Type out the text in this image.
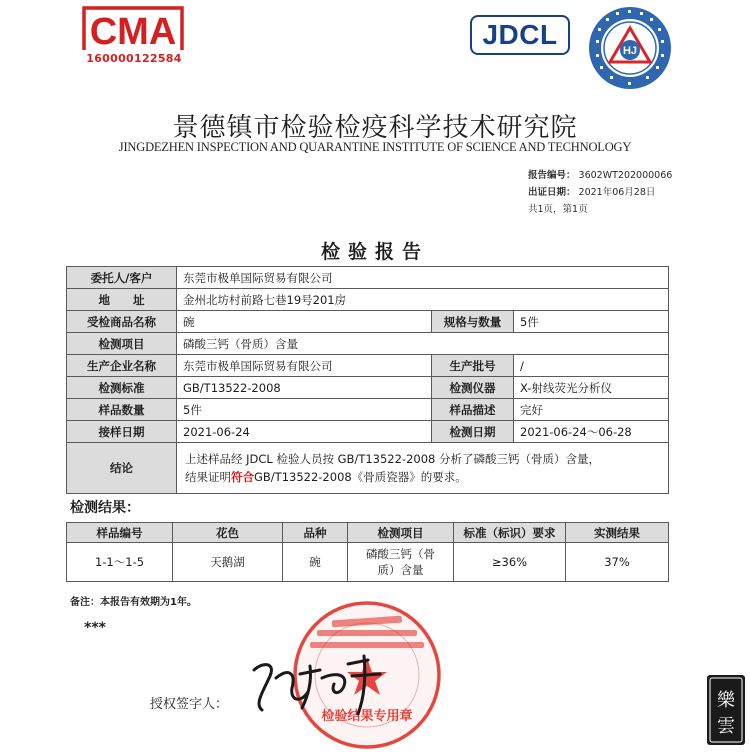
CMA
160000122584
JDCL
HJ
景德镇市检验检疫科学技术研究院
JINGDEZHEN INSPECTION AND QUARANTINE INSTITUTE OF SCIENCE AND TECHNOLOGY
报告编号： 3602WT202000066
出证日期： 2021年06月28日
共1页，第1页
检验报告
委托人/客户	东莞市极单国际贸易有限公司		
地　　址	金州北坊村前路七巷19号201房		
受检商品名称	碗	规格与数量	5件
检测项目	磷酸三钙（骨质）含量		
生产企业名称	东莞市极单国际贸易有限公司	生产批号	/
检测标准	GB/T13522-2008	检测仪器	X-射线荧光分析仪
样品数量	5件	样品描述	完好
接样日期	2021-06-24	检测日期	2021-06-24～06-28
结论	上述样品经 JDCL 检验人员按 GB/T13522-2008 分析了磷酸三钙（骨质）含量，
结果证明符合GB/T13522-2008《骨质瓷器》的要求。		
检测结果：
样品编号	花色	品种	检测项目	标准（标识）要求	实测结果
1-1～1-5	天鹅湖	碗	磷酸三钙（骨质）含量	≥36%	37%
备注：本报告有效期为1年。
***
检验结果专用章
授权签字人：	樂
雲
